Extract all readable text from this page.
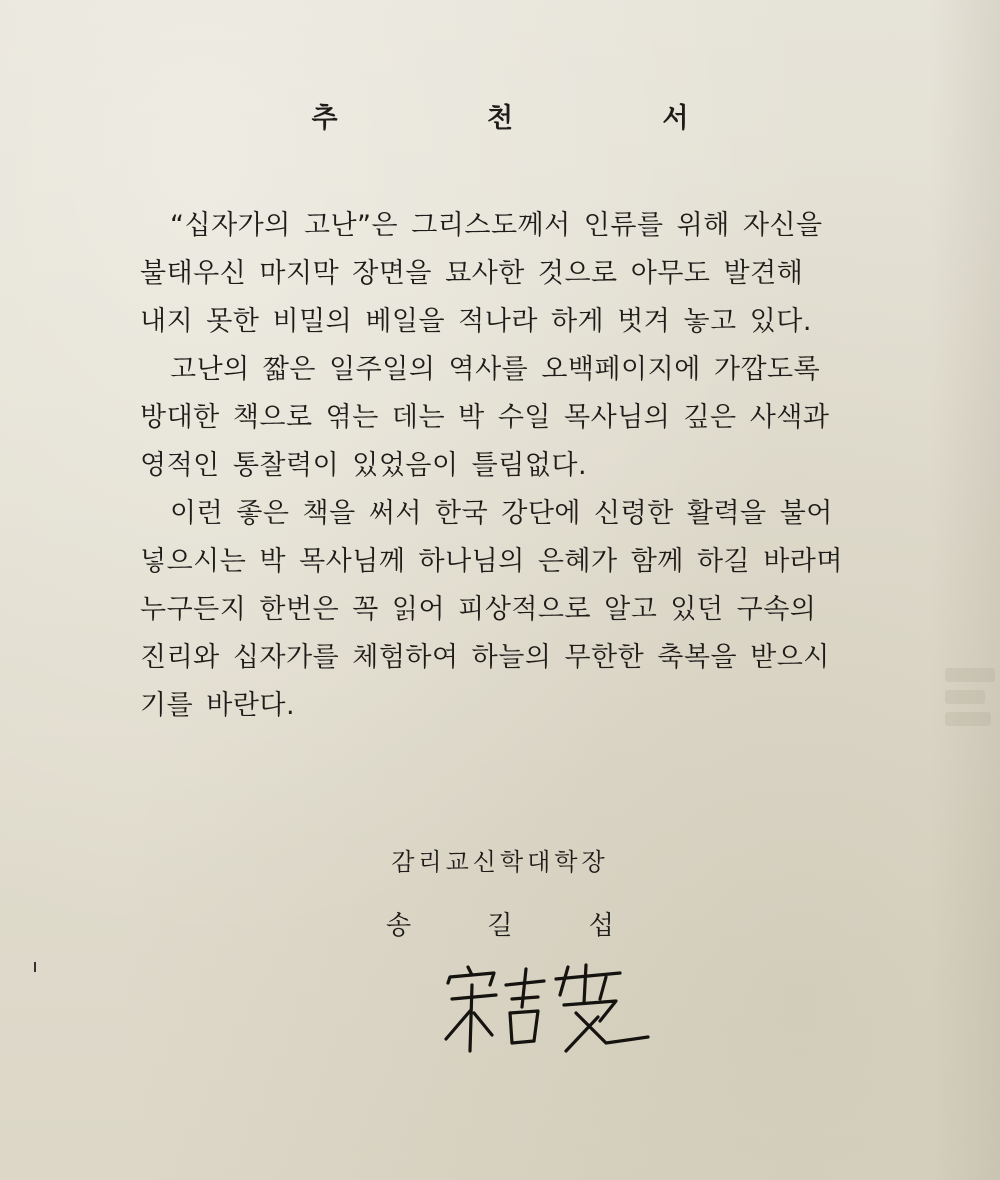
추 천 서
“십자가의 고난”은 그리스도께서 인류를 위해 자신을
불태우신 마지막 장면을 묘사한 것으로 아무도 발견해
내지 못한 비밀의 베일을 적나라 하게 벗겨 놓고 있다.
고난의 짧은 일주일의 역사를 오백페이지에 가깝도록
방대한 책으로 엮는 데는 박 수일 목사님의 깊은 사색과
영적인 통찰력이 있었음이 틀림없다.
이런 좋은 책을 써서 한국 강단에 신령한 활력을 불어
넣으시는 박 목사님께 하나님의 은혜가 함께 하길 바라며
누구든지 한번은 꼭 읽어 피상적으로 알고 있던 구속의
진리와 십자가를 체험하여 하늘의 무한한 축복을 받으시
기를 바란다.
감리교신학대학장
송 길 섭
